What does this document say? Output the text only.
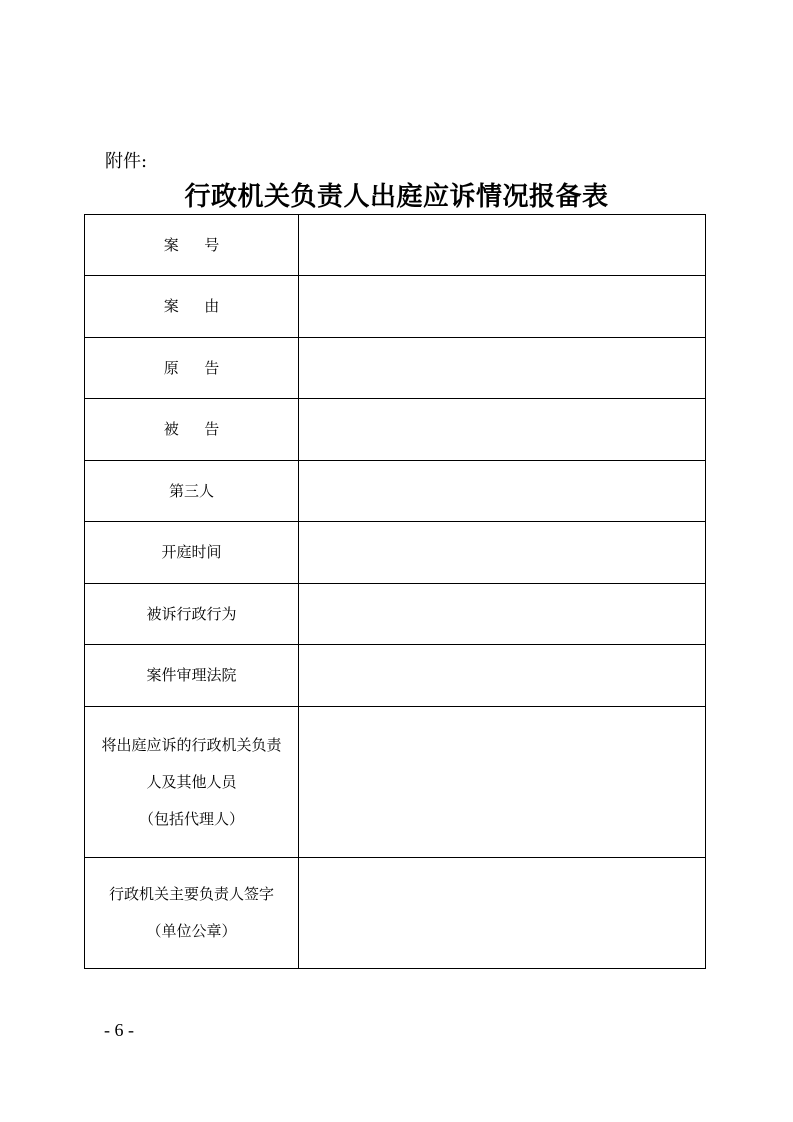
附件:
行政机关负责人出庭应诉情况报备表
案号	
案由	
原告	
被告	
第三人	
开庭时间	
被诉行政行为	
案件审理法院	

将出庭应诉的行政机关负责
人及其他人员
（包括代理人）	

行政机关主要负责人签字
（单位公章）	

- 6 -
